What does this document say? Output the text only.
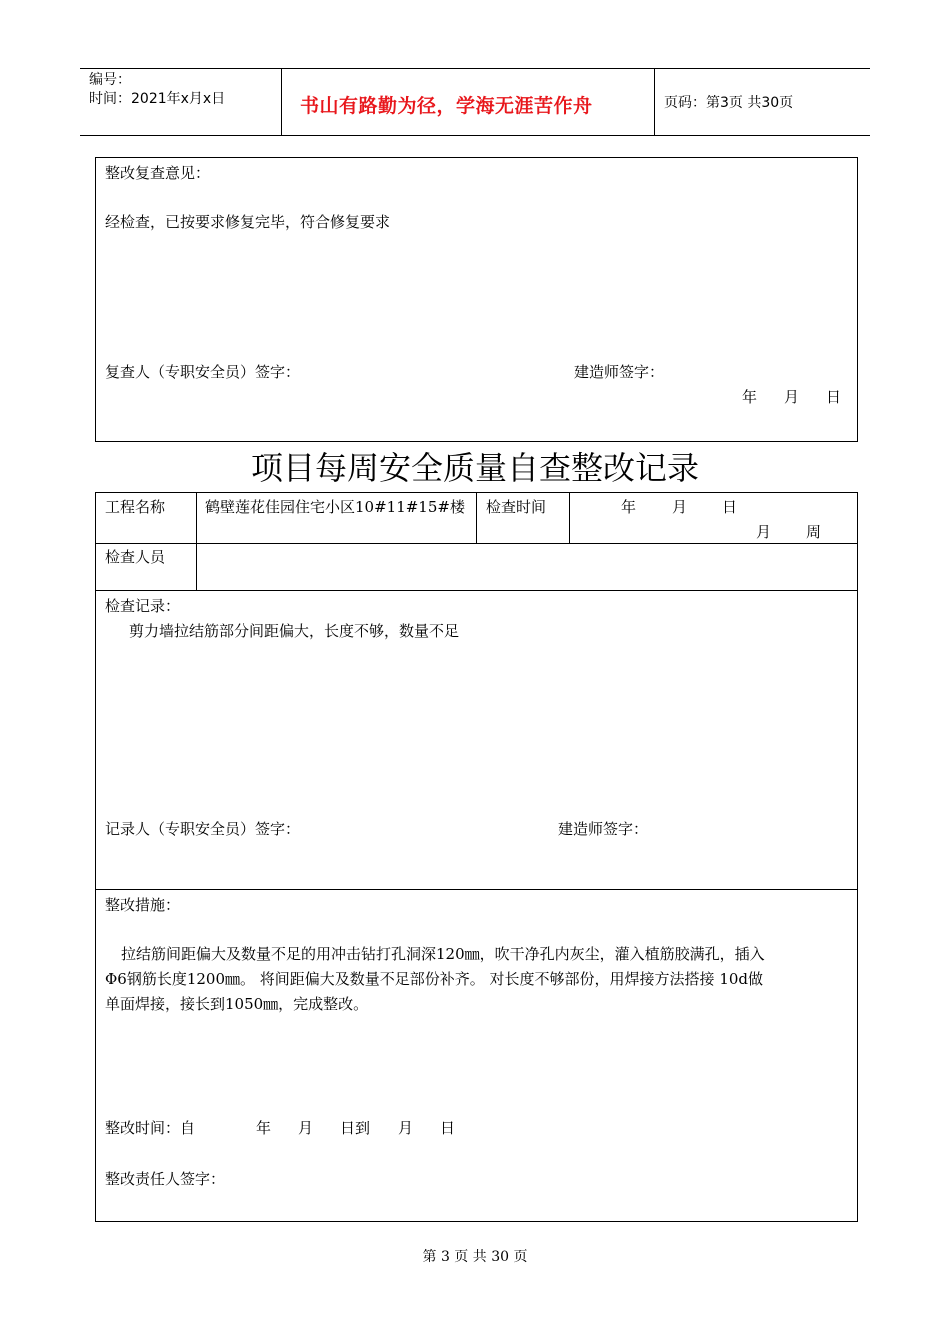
编号：
时间：2021年x月x日	书山有路勤为径，学海无涯苦作舟	页码：第3页 共30页
整改复查意见：
经检查，已按要求修复完毕，符合修复要求
复查人（专职安全员）签字：	建造师签字：
年 月 日
项目每周安全质量自查整改记录
工程名称	鹤壁莲花佳园住宅小区10#11#15#楼 检查时间	年 月 日
月 周
检查人员
检查记录：
剪力墙拉结筋部分间距偏大，长度不够，数量不足
记录人（专职安全员）签字：	建造师签字：
整改措施：
拉结筋间距偏大及数量不足的用冲击钻打孔洞深120㎜，吹干净孔内灰尘，灌入植筋胶满孔，插入
Φ6钢筋长度1200㎜。 将间距偏大及数量不足部份补齐。 对长度不够部份，用焊接方法搭接 10d做
单面焊接，接长到1050㎜，完成整改。
整改时间：自	年 月 日到 月 日
整改责任人签字：
第 3 页 共 30 页
